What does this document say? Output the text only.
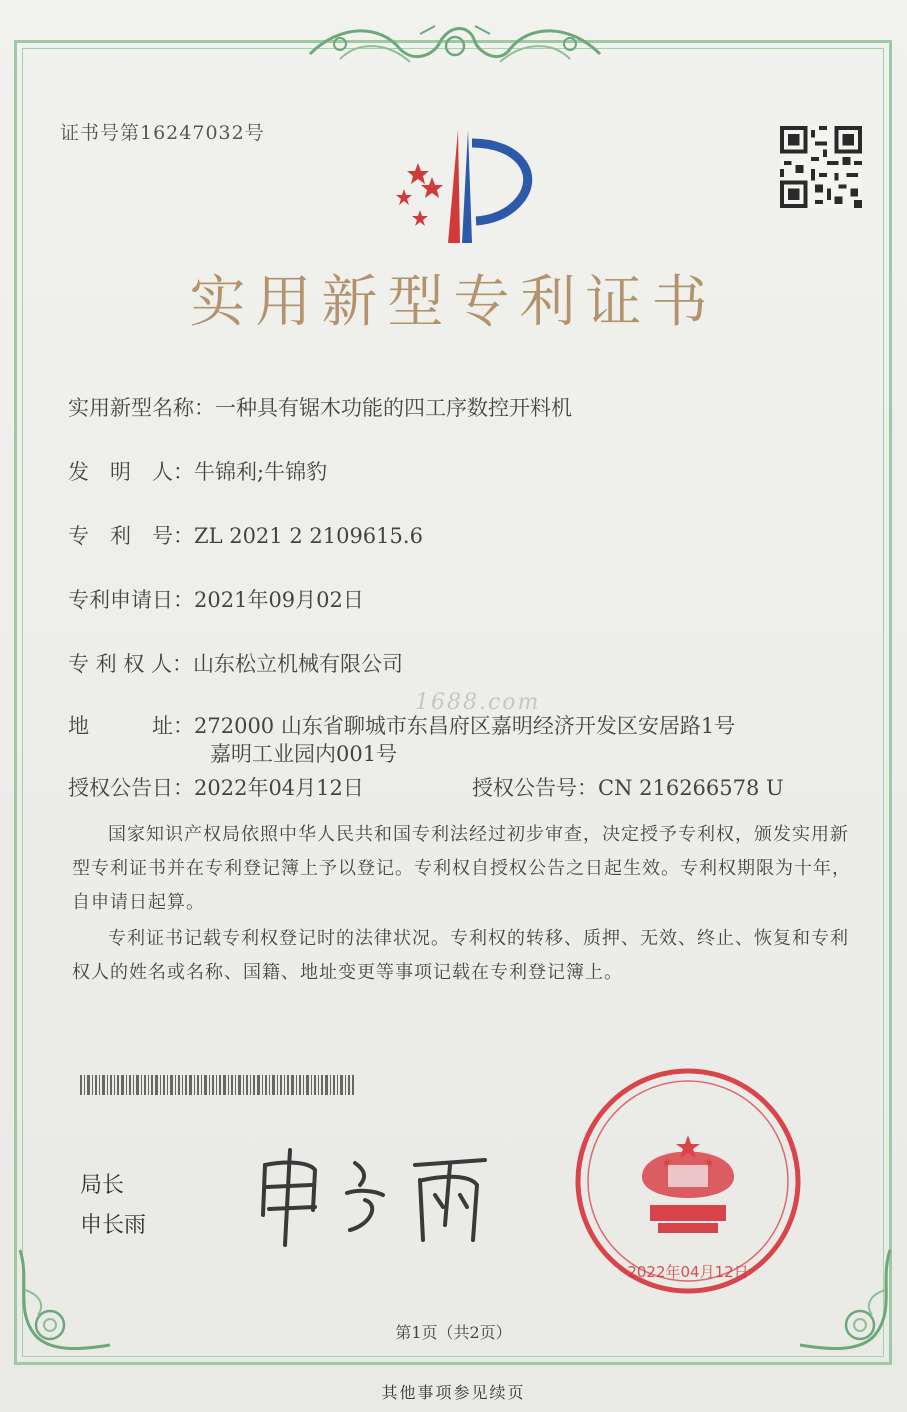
证书号第16247032号
实用新型专利证书
实用新型名称：一种具有锯木功能的四工序数控开料机
发　明　人：牛锦利;牛锦豹
专　利　号：ZL 2021 2 2109615.6
专利申请日：2021年09月02日
专 利 权 人：山东松立机械有限公司
地　　　址：272000 山东省聊城市东昌府区嘉明经济开发区安居路1号
嘉明工业园内001号
授权公告日：2022年04月12日	授权公告号：CN 216266578 U
1688.com

国家知识产权局依照中华人民共和国专利法经过初步审查，决定授予专利权，颁发实用新型专利证书并在专利登记簿上予以登记。专利权自授权公告之日起生效。专利权期限为十年，自申请日起算。

专利证书记载专利权登记时的法律状况。专利权的转移、质押、无效、终止、恢复和专利权人的姓名或名称、国籍、地址变更等事项记载在专利登记簿上。

局长
申长雨
2022年04月12日
第1页（共2页）
其他事项参见续页
